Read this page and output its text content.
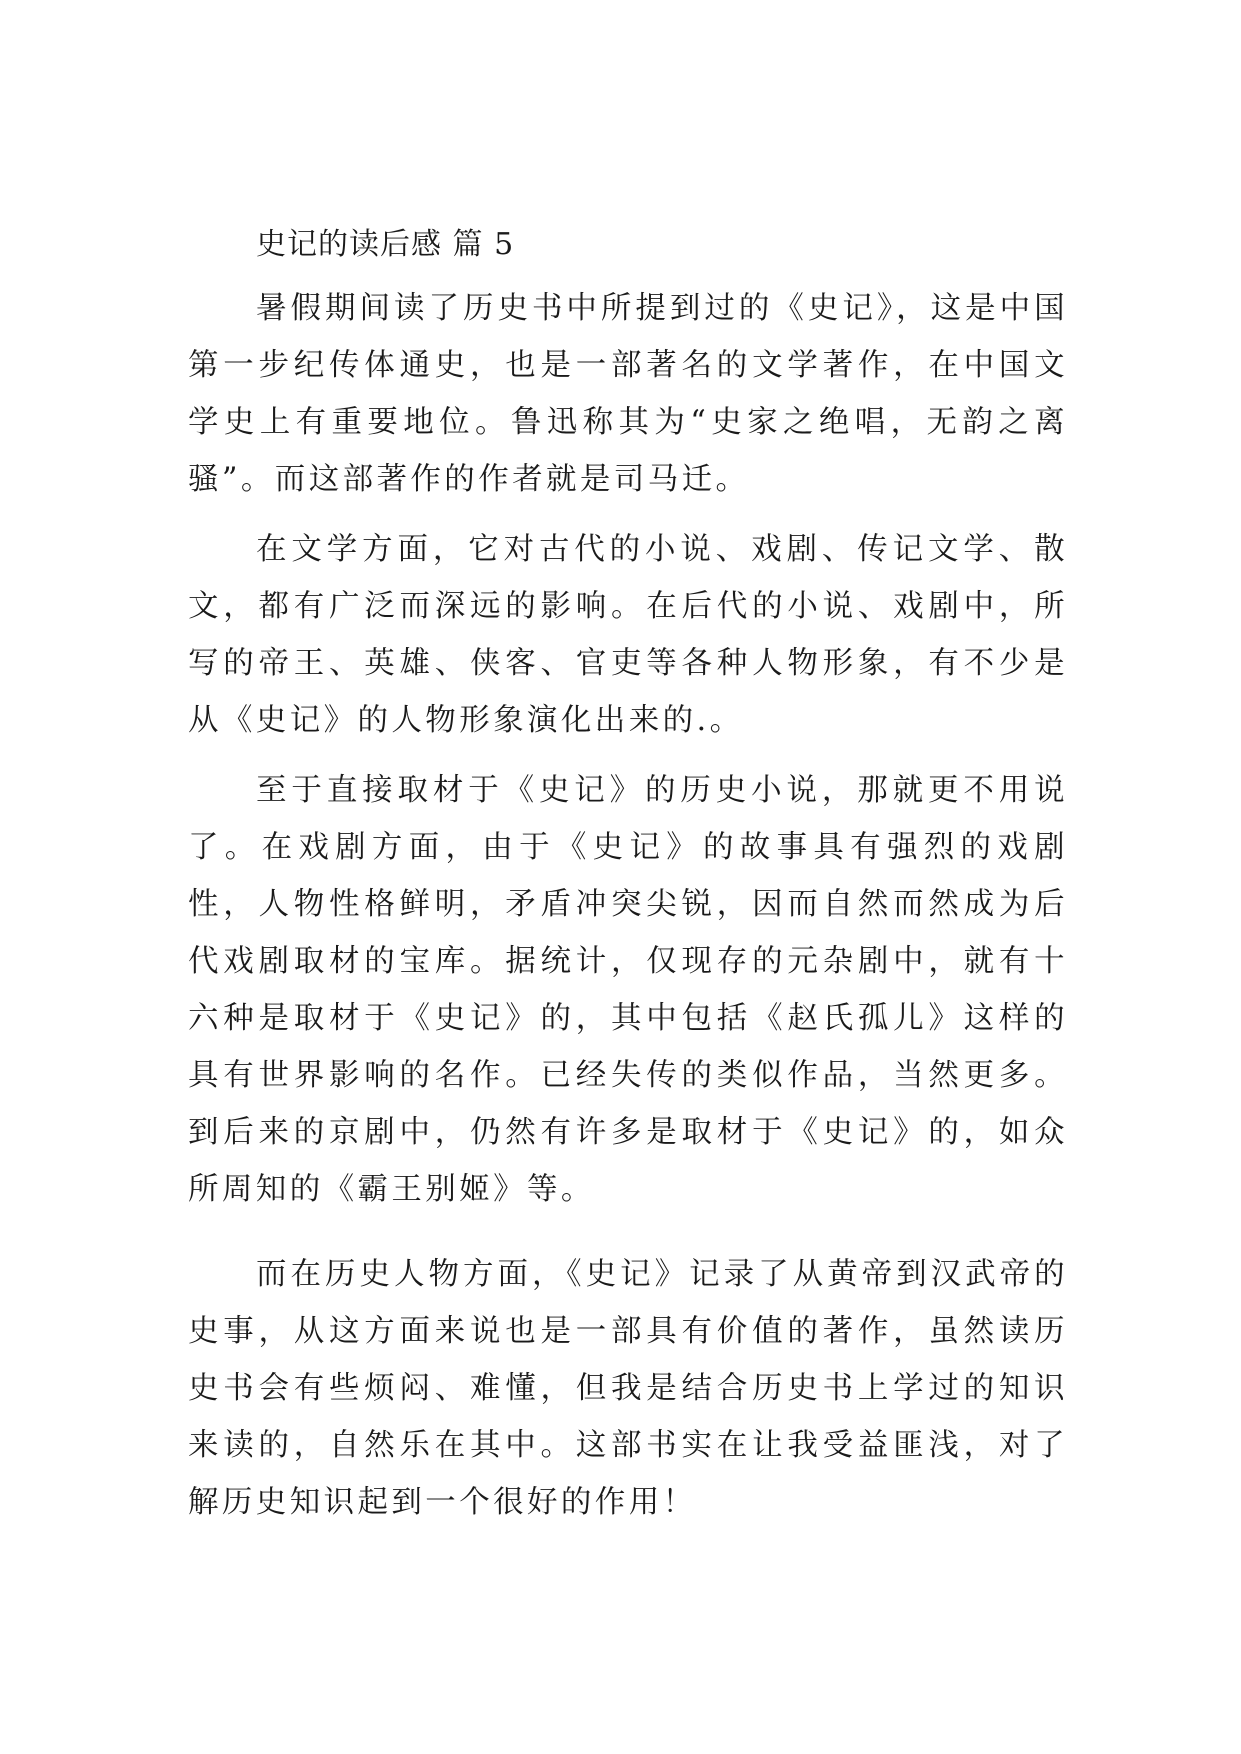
史记的读后感 篇 5

暑假期间读了历史书中所提到过的《史记》，这是中国第一步纪传体通史，也是一部著名的文学著作，在中国文学史上有重要地位。鲁迅称其为“史家之绝唱，无韵之离骚”。而这部著作的作者就是司马迁。

在文学方面，它对古代的小说、戏剧、传记文学、散文，都有广泛而深远的影响。在后代的小说、戏剧中，所写的帝王、英雄、侠客、官吏等各种人物形象，有不少是从《史记》的人物形象演化出来的.。

至于直接取材于《史记》的历史小说，那就更不用说了。在戏剧方面，由于《史记》的故事具有强烈的戏剧性，人物性格鲜明，矛盾冲突尖锐，因而自然而然成为后代戏剧取材的宝库。据统计，仅现存的元杂剧中，就有十六种是取材于《史记》的，其中包括《赵氏孤儿》这样的具有世界影响的名作。已经失传的类似作品，当然更多。到后来的京剧中，仍然有许多是取材于《史记》的，如众所周知的《霸王别姬》等。

而在历史人物方面，《史记》记录了从黄帝到汉武帝的史事，从这方面来说也是一部具有价值的著作，虽然读历史书会有些烦闷、难懂，但我是结合历史书上学过的知识来读的，自然乐在其中。这部书实在让我受益匪浅，对了解历史知识起到一个很好的作用！
